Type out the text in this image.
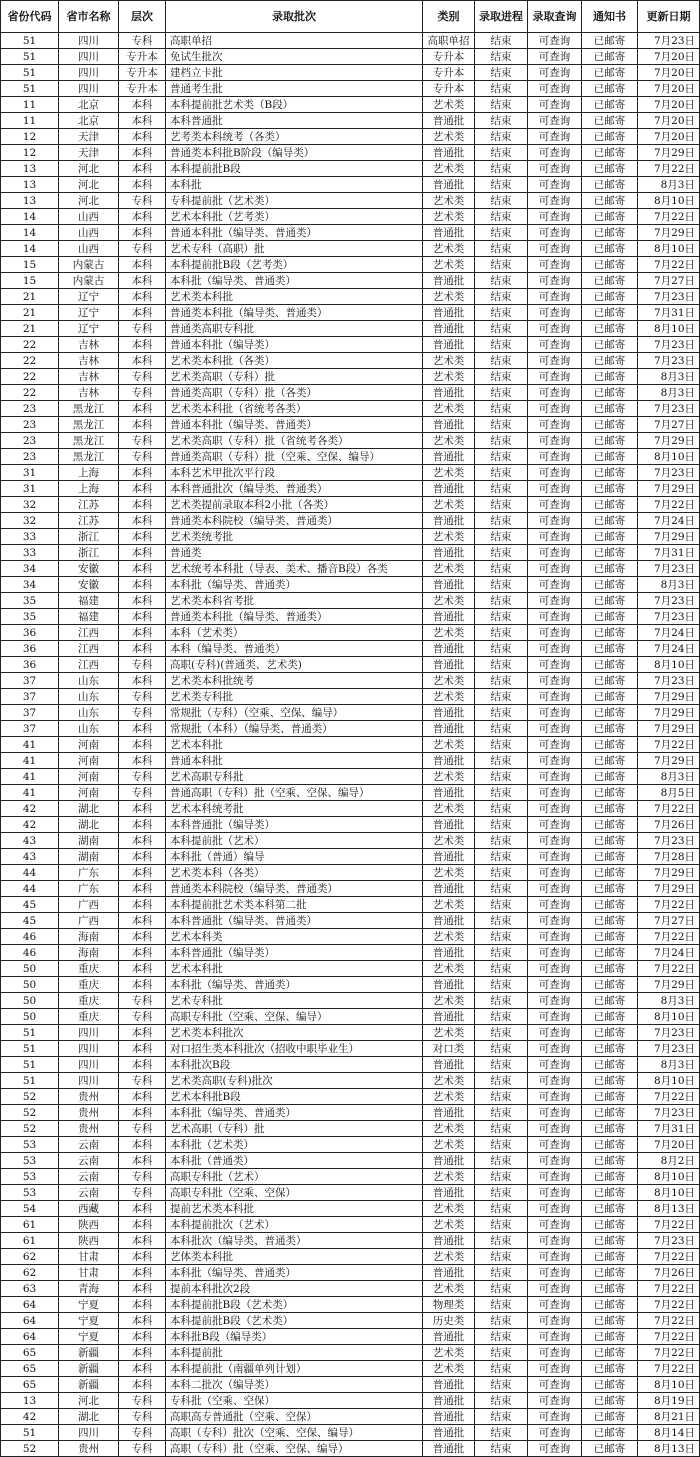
省份代码	省市名称	层次	录取批次	类别	录取进程	录取查询	通知书	更新日期
51	四川	专科	高职单招	高职单招	结束	可查询	已邮寄	7月23日
51	四川	专升本	免试生批次	专升本	结束	可查询	已邮寄	7月20日
51	四川	专升本	建档立卡批	专升本	结束	可查询	已邮寄	7月20日
51	四川	专升本	普通考生批	专升本	结束	可查询	已邮寄	7月20日
11	北京	本科	本科提前批艺术类（B段）	艺术类	结束	可查询	已邮寄	7月20日
11	北京	本科	本科普通批	普通批	结束	可查询	已邮寄	7月20日
12	天津	本科	艺考类本科统考（各类）	艺术类	结束	可查询	已邮寄	7月20日
12	天津	本科	普通类本科批B阶段（编导类）	普通批	结束	可查询	已邮寄	7月29日
13	河北	本科	本科提前批B段	艺术类	结束	可查询	已邮寄	7月22日
13	河北	本科	本科批	普通批	结束	可查询	已邮寄	8月3日
13	河北	专科	专科提前批（艺术类）	艺术类	结束	可查询	已邮寄	8月10日
14	山西	本科	艺术本科批（艺考类）	艺术类	结束	可查询	已邮寄	7月22日
14	山西	本科	普通本科批（编导类、普通类）	普通批	结束	可查询	已邮寄	7月29日
14	山西	专科	艺术专科（高职）批	艺术类	结束	可查询	已邮寄	8月10日
15	内蒙古	本科	本科提前批B段（艺考类）	艺术类	结束	可查询	已邮寄	7月22日
15	内蒙古	本科	本科批（编导类、普通类）	普通批	结束	可查询	已邮寄	7月27日
21	辽宁	本科	艺术类本科批	艺术类	结束	可查询	已邮寄	7月23日
21	辽宁	本科	普通类本科批（编导类、普通类）	普通批	结束	可查询	已邮寄	7月31日
21	辽宁	专科	普通类高职专科批	普通批	结束	可查询	已邮寄	8月10日
22	吉林	本科	普通本科批（编导类）	普通批	结束	可查询	已邮寄	7月23日
22	吉林	本科	艺术类本科批（各类）	艺术类	结束	可查询	已邮寄	7月23日
22	吉林	专科	艺术类高职（专科）批	艺术类	结束	可查询	已邮寄	8月3日
22	吉林	专科	普通类高职（专科）批（各类）	普通批	结束	可查询	已邮寄	8月3日
23	黑龙江	本科	艺术类本科批（省统考各类）	艺术类	结束	可查询	已邮寄	7月23日
23	黑龙江	本科	普通本科批（编导类、普通类）	普通批	结束	可查询	已邮寄	7月27日
23	黑龙江	专科	艺术类高职（专科）批（省统考各类）	艺术类	结束	可查询	已邮寄	7月29日
23	黑龙江	专科	普通类高职（专科）批（空乘、空保、编导）	普通批	结束	可查询	已邮寄	8月10日
31	上海	本科	本科艺术甲批次平行段	艺术类	结束	可查询	已邮寄	7月23日
31	上海	本科	本科普通批次（编导类、普通类）	普通批	结束	可查询	已邮寄	7月29日
32	江苏	本科	艺术类提前录取本科2小批（各类）	艺术类	结束	可查询	已邮寄	7月22日
32	江苏	本科	普通类本科院校（编导类、普通类）	普通批	结束	可查询	已邮寄	7月24日
33	浙江	本科	艺术类统考批	艺术类	结束	可查询	已邮寄	7月29日
33	浙江	本科	普通类	普通批	结束	可查询	已邮寄	7月31日
34	安徽	本科	艺术统考本科批（导表、美术、播音B段）各类	艺术类	结束	可查询	已邮寄	7月23日
34	安徽	本科	本科批（编导类、普通类）	普通批	结束	可查询	已邮寄	8月3日
35	福建	本科	艺术类本科省考批	艺术类	结束	可查询	已邮寄	7月23日
35	福建	本科	普通类本科批（编导类、普通类）	普通批	结束	可查询	已邮寄	7月23日
36	江西	本科	本科（艺术类）	艺术类	结束	可查询	已邮寄	7月24日
36	江西	本科	本科（编导类、普通类）	普通批	结束	可查询	已邮寄	7月24日
36	江西	专科	高职(专科)(普通类、艺术类)	普通批	结束	可查询	已邮寄	8月10日
37	山东	本科	艺术类本科批统考	艺术类	结束	可查询	已邮寄	7月23日
37	山东	专科	艺术类专科批	艺术类	结束	可查询	已邮寄	7月29日
37	山东	专科	常规批（专科）（空乘、空保、编导）	普通批	结束	可查询	已邮寄	7月29日
37	山东	本科	常规批（本科）（编导类、普通类）	普通批	结束	可查询	已邮寄	7月29日
41	河南	本科	艺术本科批	艺术类	结束	可查询	已邮寄	7月22日
41	河南	本科	普通本科批	普通批	结束	可查询	已邮寄	7月29日
41	河南	专科	艺术高职专科批	艺术类	结束	可查询	已邮寄	8月3日
41	河南	专科	普通高职（专科）批（空乘、空保、编导）	普通批	结束	可查询	已邮寄	8月5日
42	湖北	本科	艺术本科统考批	艺术类	结束	可查询	已邮寄	7月22日
42	湖北	本科	本科普通批（编导类）	普通批	结束	可查询	已邮寄	7月26日
43	湖南	本科	本科提前批（艺术）	艺术类	结束	可查询	已邮寄	7月23日
43	湖南	本科	本科批（普通）编导	普通批	结束	可查询	已邮寄	7月28日
44	广东	本科	艺术类本科（各类）	艺术类	结束	可查询	已邮寄	7月29日
44	广东	本科	普通类本科院校（编导类、普通类）	普通批	结束	可查询	已邮寄	7月29日
45	广西	本科	本科提前批艺术类本科第二批	艺术类	结束	可查询	已邮寄	7月22日
45	广西	本科	本科普通批（编导类、普通类）	普通批	结束	可查询	已邮寄	7月27日
46	海南	本科	艺术本科类	艺术类	结束	可查询	已邮寄	7月22日
46	海南	本科	本科普通批（编导类）	普通批	结束	可查询	已邮寄	7月24日
50	重庆	本科	艺术本科批	艺术类	结束	可查询	已邮寄	7月22日
50	重庆	本科	本科批（编导类、普通类）	普通批	结束	可查询	已邮寄	7月29日
50	重庆	专科	艺术专科批	艺术类	结束	可查询	已邮寄	8月3日
50	重庆	专科	高职专科批（空乘、空保、编导）	普通批	结束	可查询	已邮寄	8月10日
51	四川	本科	艺术类本科批次	艺术类	结束	可查询	已邮寄	7月23日
51	四川	本科	对口招生类本科批次（招收中职毕业生）	对口类	结束	可查询	已邮寄	7月23日
51	四川	本科	本科批次B段	普通批	结束	可查询	已邮寄	8月3日
51	四川	专科	艺术类高职(专科)批次	艺术类	结束	可查询	已邮寄	8月10日
52	贵州	本科	艺术本科批B段	艺术类	结束	可查询	已邮寄	7月22日
52	贵州	本科	本科批（编导类、普通类）	普通批	结束	可查询	已邮寄	7月23日
52	贵州	专科	艺术高职（专科）批	艺术类	结束	可查询	已邮寄	7月31日
53	云南	本科	本科批（艺术类）	艺术类	结束	可查询	已邮寄	7月20日
53	云南	本科	本科批（普通类）	普通批	结束	可查询	已邮寄	8月2日
53	云南	专科	高职专科批（艺术）	艺术类	结束	可查询	已邮寄	8月10日
53	云南	专科	高职专科批（空乘、空保）	普通批	结束	可查询	已邮寄	8月10日
54	西藏	本科	提前艺术类本科批	艺术类	结束	可查询	已邮寄	8月13日
61	陕西	本科	本科提前批次（艺术）	艺术类	结束	可查询	已邮寄	7月22日
61	陕西	本科	本科批次（编导类、普通类）	普通批	结束	可查询	已邮寄	7月23日
62	甘肃	本科	艺体类本科批	艺术类	结束	可查询	已邮寄	7月22日
62	甘肃	本科	本科批（编导类、普通类）	普通批	结束	可查询	已邮寄	7月26日
63	青海	本科	提前本科批次2段	艺术类	结束	可查询	已邮寄	7月22日
64	宁夏	本科	本科提前批B段（艺术类）	物理类	结束	可查询	已邮寄	7月22日
64	宁夏	本科	本科提前批B段（艺术类）	历史类	结束	可查询	已邮寄	7月22日
64	宁夏	本科	本科批B段（编导类）	普通批	结束	可查询	已邮寄	7月22日
65	新疆	本科	本科提前批	艺术类	结束	可查询	已邮寄	7月22日
65	新疆	本科	本科提前批（南疆单列计划）	艺术类	结束	可查询	已邮寄	7月22日
65	新疆	本科	本科二批次（编导类）	普通批	结束	可查询	已邮寄	8月10日
13	河北	专科	专科批（空乘、空保）	普通批	结束	可查询	已邮寄	8月19日
42	湖北	专科	高职高专普通批（空乘、空保）	普通批	结束	可查询	已邮寄	8月21日
51	四川	专科	高职（专科）批次（空乘、空保、编导）	普通批	结束	可查询	已邮寄	8月14日
52	贵州	专科	高职（专科）批（空乘、空保、编导）	普通批	结束	可查询	已邮寄	8月13日
